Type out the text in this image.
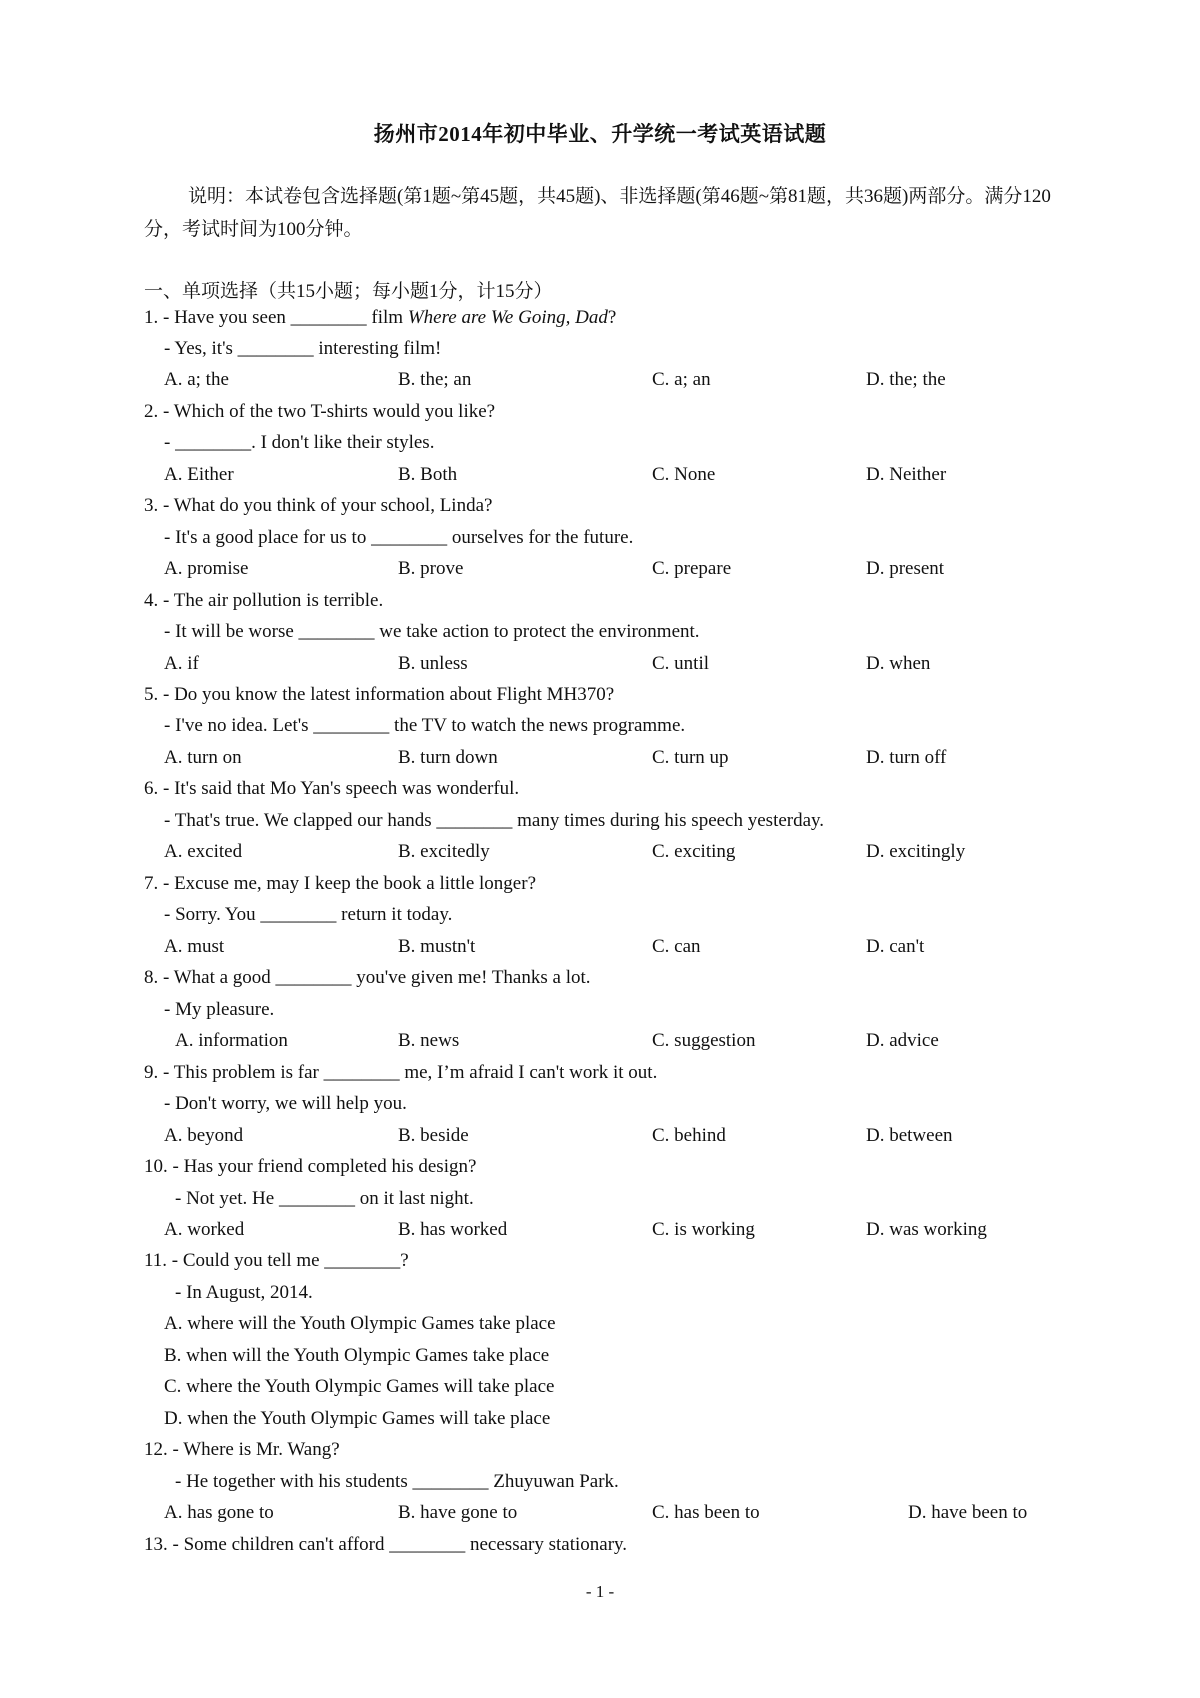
扬州市2014年初中毕业、升学统一考试英语试题
说明：本试卷包含选择题(第1题~第45题，共45题)、非选择题(第46题~第81题，共36题)两部分。满分120分，考试时间为100分钟。
一、单项选择（共15小题；每小题1分，计15分）
1. - Have you seen ________ film Where are We Going, Dad?
- Yes, it's ________ interesting film!
A. a; the	B. the; an	C. a; an	D. the; the
2. - Which of the two T-shirts would you like?
- ________. I don't like their styles.
A. Either	B. Both	C. None	D. Neither
3. - What do you think of your school, Linda?
- It's a good place for us to ________ ourselves for the future.
A. promise	B. prove	C. prepare	D. present
4. - The air pollution is terrible.
- It will be worse ________ we take action to protect the environment.
A. if	B. unless	C. until	D. when
5. - Do you know the latest information about Flight MH370?
- I've no idea. Let's ________ the TV to watch the news programme.
A. turn on	B. turn down	C. turn up	D. turn off
6. - It's said that Mo Yan's speech was wonderful.
- That's true. We clapped our hands ________ many times during his speech yesterday.
A. excited	B. excitedly	C. exciting	D. excitingly
7. - Excuse me, may I keep the book a little longer?
- Sorry. You ________ return it today.
A. must	B. mustn't	C. can	D. can't
8. - What a good ________ you've given me! Thanks a lot.
- My pleasure.
A. information	B. news	C. suggestion	D. advice
9. - This problem is far ________ me, I’m afraid I can't work it out.
- Don't worry, we will help you.
A. beyond	B. beside	C. behind	D. between
10. - Has your friend completed his design?
- Not yet. He ________ on it last night.
A. worked	B. has worked	C. is working	D. was working
11. - Could you tell me ________?
- In August, 2014.
A. where will the Youth Olympic Games take place
B. when will the Youth Olympic Games take place
C. where the Youth Olympic Games will take place
D. when the Youth Olympic Games will take place
12. - Where is Mr. Wang?
- He together with his students ________ Zhuyuwan Park.
A. has gone to	B. have gone to	C. has been to	D. have been to
13. - Some children can't afford ________ necessary stationary.
- 1 -
